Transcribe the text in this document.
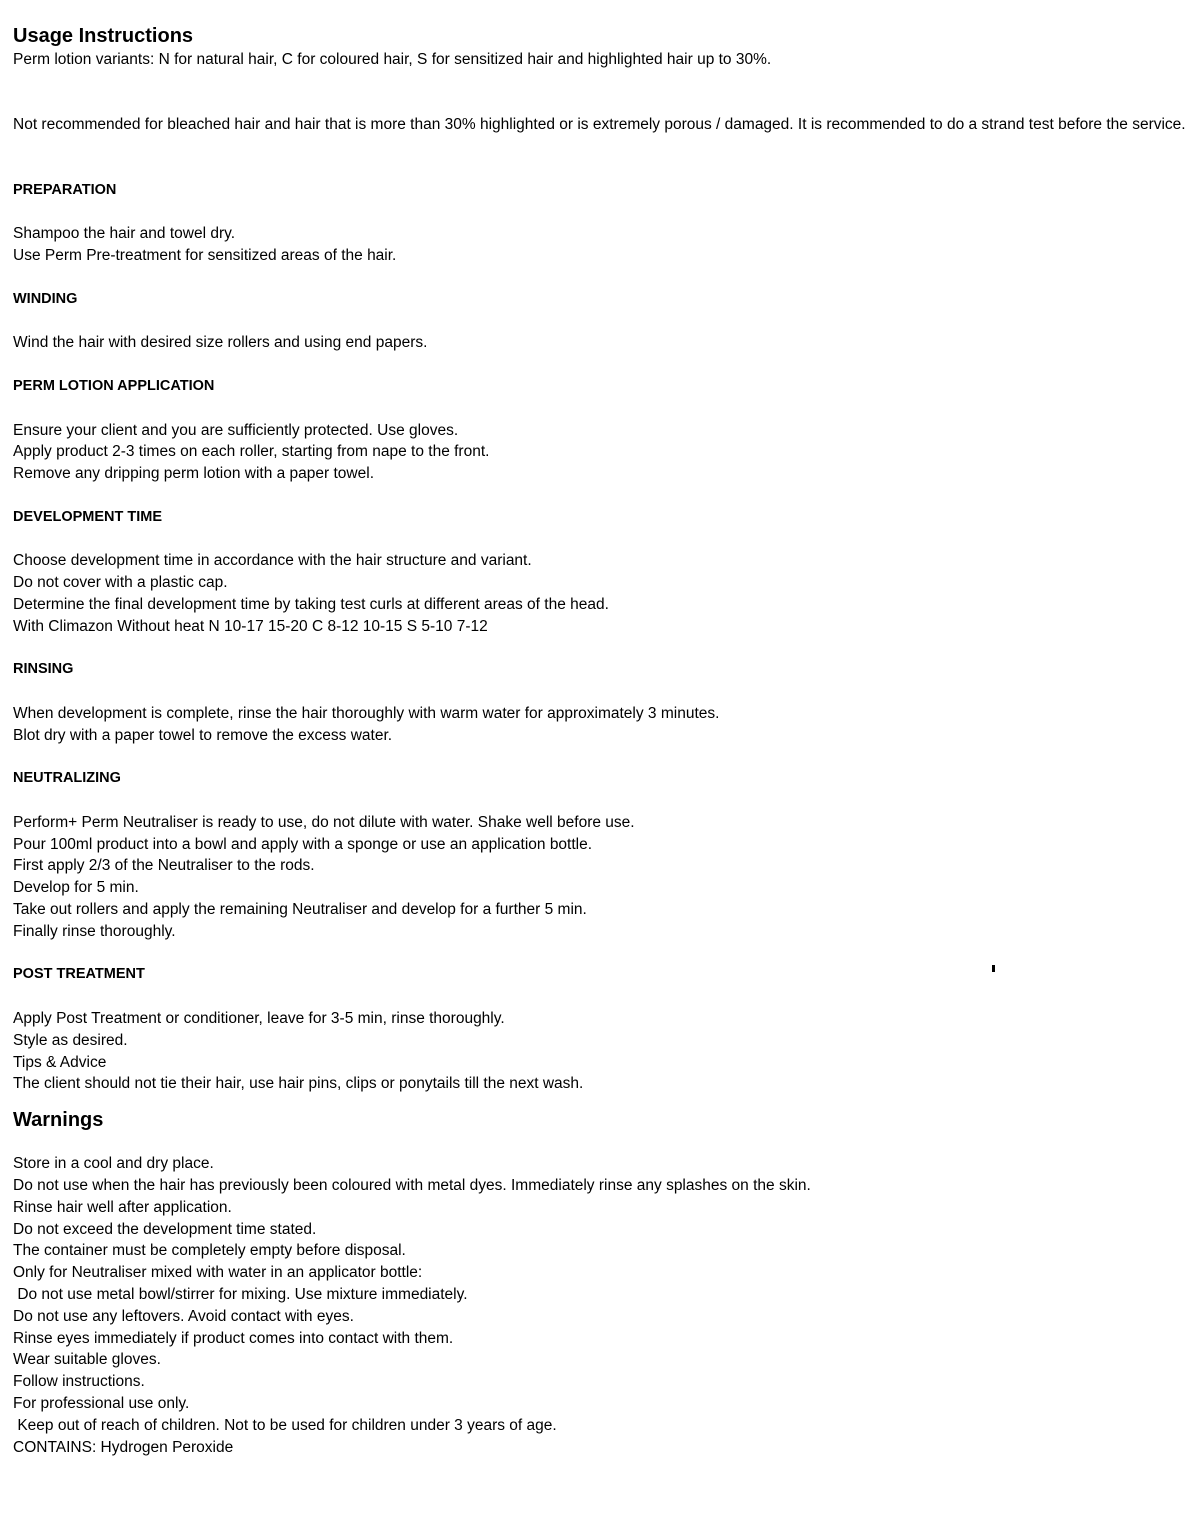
Usage Instructions
Perm lotion variants: N for natural hair, C for coloured hair, S for sensitized hair and highlighted hair up to 30%.
Not recommended for bleached hair and hair that is more than 30% highlighted or is extremely porous / damaged. It is recommended to do a strand test before the service.
PREPARATION
Shampoo the hair and towel dry.
Use Perm Pre-treatment for sensitized areas of the hair.
WINDING
Wind the hair with desired size rollers and using end papers.
PERM LOTION APPLICATION
Ensure your client and you are sufficiently protected. Use gloves.
Apply product 2-3 times on each roller, starting from nape to the front.
Remove any dripping perm lotion with a paper towel.
DEVELOPMENT TIME
Choose development time in accordance with the hair structure and variant.
Do not cover with a plastic cap.
Determine the final development time by taking test curls at different areas of the head.
With Climazon Without heat N 10-17 15-20 C 8-12 10-15 S 5-10 7-12
RINSING
When development is complete, rinse the hair thoroughly with warm water for approximately 3 minutes.
Blot dry with a paper towel to remove the excess water.
NEUTRALIZING
Perform+ Perm Neutraliser is ready to use, do not dilute with water. Shake well before use.
Pour 100ml product into a bowl and apply with a sponge or use an application bottle.
First apply 2/3 of the Neutraliser to the rods.
Develop for 5 min.
Take out rollers and apply the remaining Neutraliser and develop for a further 5 min.
Finally rinse thoroughly.
POST TREATMENT
Apply Post Treatment or conditioner, leave for 3-5 min, rinse thoroughly.
Style as desired.
Tips & Advice
The client should not tie their hair, use hair pins, clips or ponytails till the next wash.
Warnings
Store in a cool and dry place.
Do not use when the hair has previously been coloured with metal dyes. Immediately rinse any splashes on the skin.
Rinse hair well after application.
Do not exceed the development time stated.
The container must be completely empty before disposal.
Only for Neutraliser mixed with water in an applicator bottle:
Do not use metal bowl/stirrer for mixing. Use mixture immediately.
Do not use any leftovers. Avoid contact with eyes.
Rinse eyes immediately if product comes into contact with them.
Wear suitable gloves.
Follow instructions.
For professional use only.
Keep out of reach of children. Not to be used for children under 3 years of age.
CONTAINS: Hydrogen Peroxide
